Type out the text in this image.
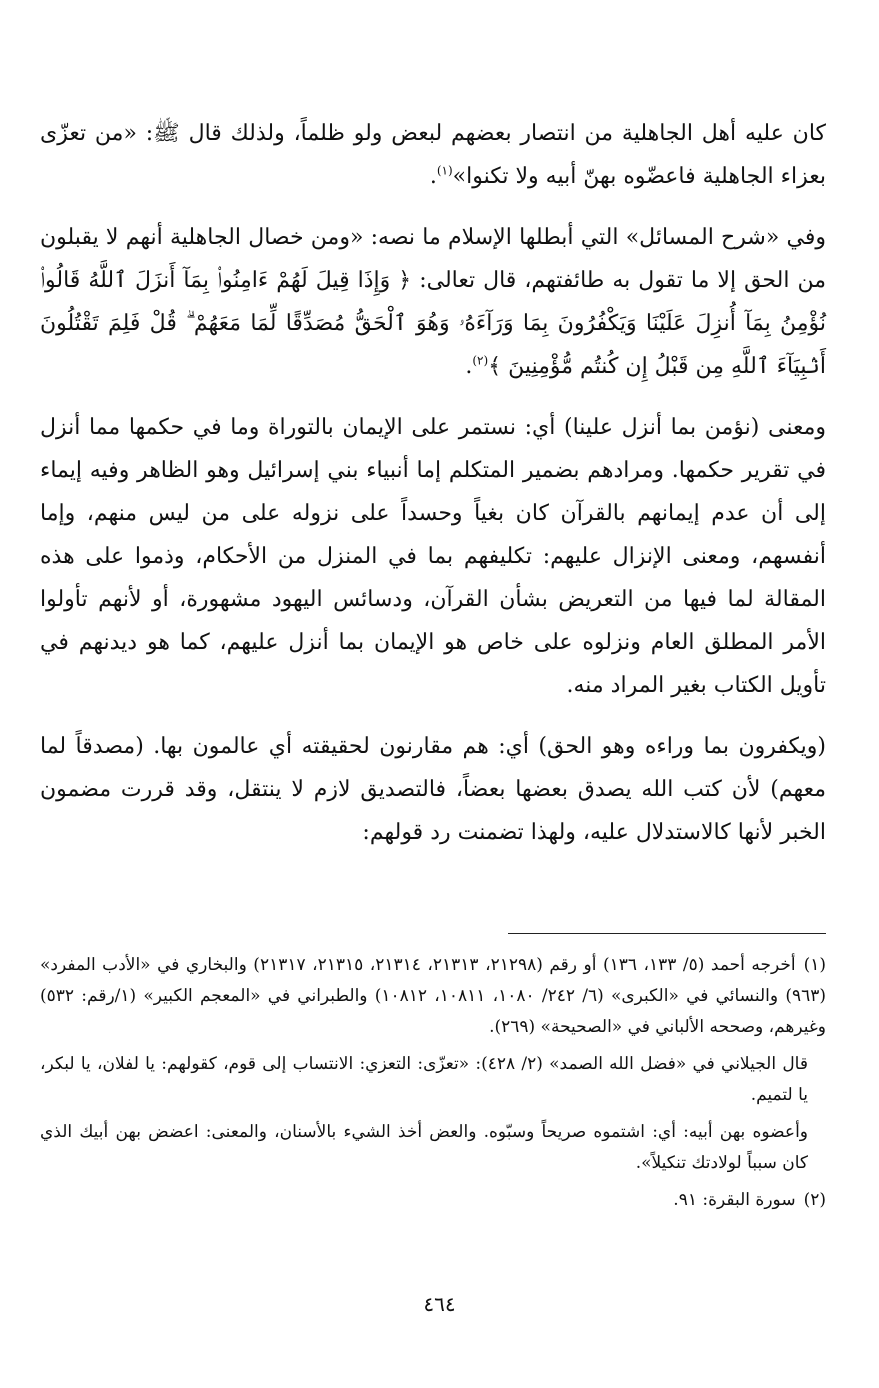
كان عليه أهل الجاهلية من انتصار بعضهم لبعض ولو ظلماً، ولذلك قال ﷺ: «من تعزّى بعزاء الجاهلية فاعضّوه بهنّ أبيه ولا تكنوا»$^{(١)}$.

وفي «شرح المسائل» التي أبطلها الإسلام ما نصه: «ومن خصال الجاهلية أنهم لا يقبلون من الحق إلا ما تقول به طائفتهم، قال تعالى: ﴿ وَإِذَا قِيلَ لَهُمْ ءَامِنُوا۟ بِمَآ أَنزَلَ ٱللَّهُ قَالُوا۟ نُؤْمِنُ بِمَآ أُنزِلَ عَلَيْنَا وَيَكْفُرُونَ بِمَا وَرَآءَهُۥ وَهُوَ ٱلْحَقُّ مُصَدِّقًا لِّمَا مَعَهُمْ ۗ قُلْ فَلِمَ تَقْتُلُونَ أَنۢبِيَآءَ ٱللَّهِ مِن قَبْلُ إِن كُنتُم مُّؤْمِنِينَ ﴾$^{(٢)}$.

ومعنى (نؤمن بما أنزل علينا) أي: نستمر على الإيمان بالتوراة وما في حكمها مما أنزل في تقرير حكمها. ومرادهم بضمير المتكلم إما أنبياء بني إسرائيل وهو الظاهر وفيه إيماء إلى أن عدم إيمانهم بالقرآن كان بغياً وحسداً على نزوله على من ليس منهم، وإما أنفسهم، ومعنى الإنزال عليهم: تكليفهم بما في المنزل من الأحكام، وذموا على هذه المقالة لما فيها من التعريض بشأن القرآن، ودسائس اليهود مشهورة، أو لأنهم تأولوا الأمر المطلق العام ونزلوه على خاص هو الإيمان بما أنزل عليهم، كما هو ديدنهم في تأويل الكتاب بغير المراد منه.

(ويكفرون بما وراءه وهو الحق) أي: هم مقارنون لحقيقته أي عالمون بها. (مصدقاً لما معهم) لأن كتب الله يصدق بعضها بعضاً، فالتصديق لازم لا ينتقل، وقد قررت مضمون الخبر لأنها كالاستدلال عليه، ولهذا تضمنت رد قولهم:

(١)أخرجه أحمد (٥/ ١٣٣، ١٣٦) أو رقم (٢١٢٩٨، ٢١٣١٣، ٢١٣١٤، ٢١٣١٥، ٢١٣١٧) والبخاري في «الأدب المفرد» (٩٦٣) والنسائي في «الكبرى» (٦/ ٢٤٢/ ١٠٨٠، ١٠٨١١، ١٠٨١٢) والطبراني في «المعجم الكبير» (١/رقم: ٥٣٢) وغيرهم، وصححه الألباني في «الصحيحة» (٢٦٩).

قال الجيلاني في «فضل الله الصمد» (٢/ ٤٢٨): «تعزّى: التعزي: الانتساب إلى قوم، كقولهم: يا لفلان، يا لبكر، يا لتميم.

وأعضوه بهن أبيه: أي: اشتموه صريحاً وسبّوه. والعض أخذ الشيء بالأسنان، والمعنى: اعضض بهن أبيك الذي كان سبباً لولادتك تنكيلاً».

(٢)سورة البقرة: ٩١.

٤٦٤
